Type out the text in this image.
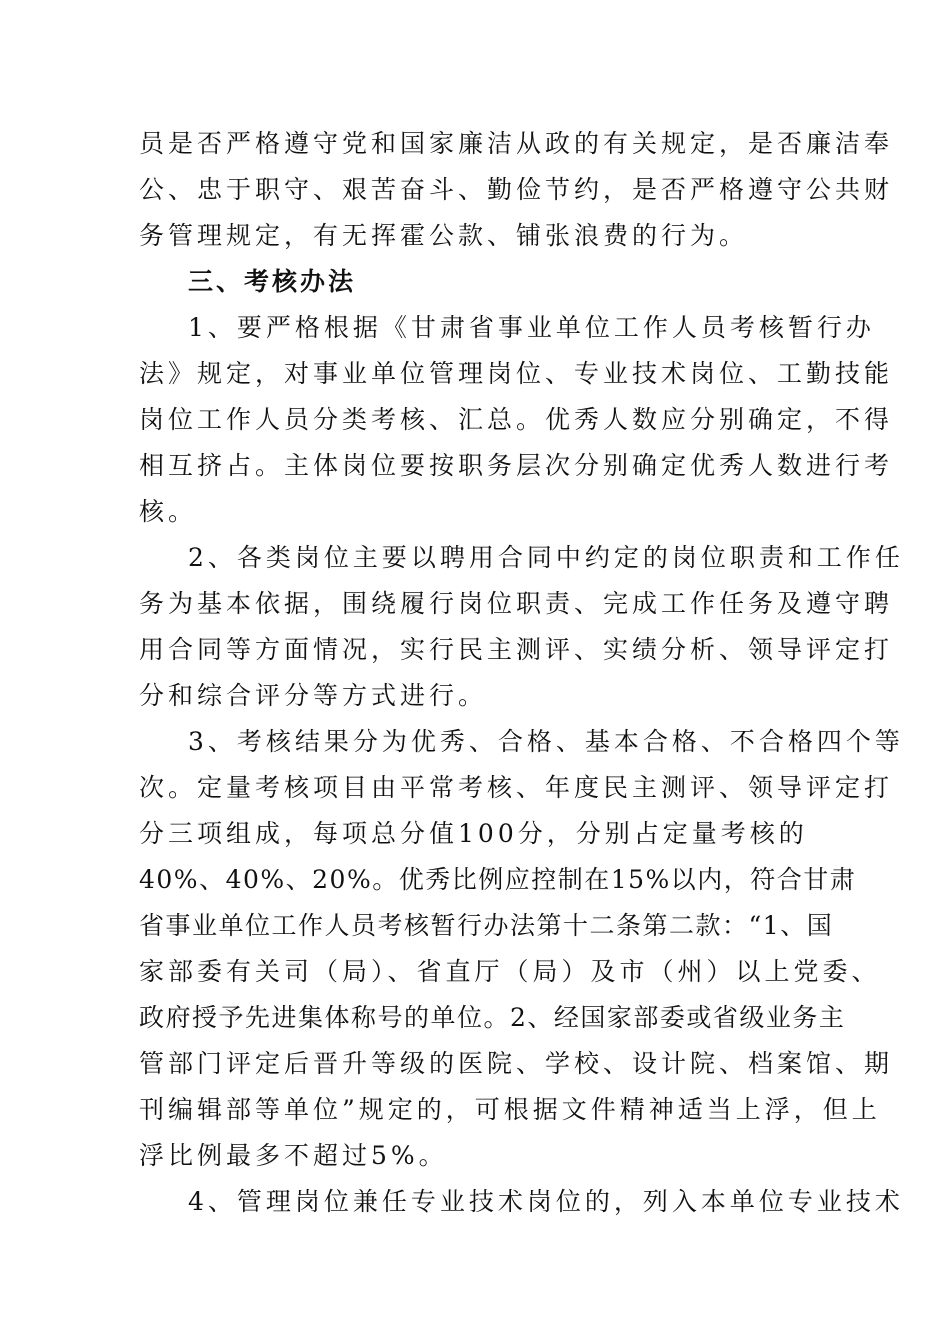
员是否严格遵守党和国家廉洁从政的有关规定，是否廉洁奉
公、忠于职守、艰苦奋斗、勤俭节约，是否严格遵守公共财
务管理规定，有无挥霍公款、铺张浪费的行为。
三、考核办法
1、要严格根据《甘肃省事业单位工作人员考核暂行办
法》规定，对事业单位管理岗位、专业技术岗位、工勤技能
岗位工作人员分类考核、汇总。优秀人数应分别确定，不得
相互挤占。主体岗位要按职务层次分别确定优秀人数进行考
核。
2、各类岗位主要以聘用合同中约定的岗位职责和工作任
务为基本依据，围绕履行岗位职责、完成工作任务及遵守聘
用合同等方面情况，实行民主测评、实绩分析、领导评定打
分和综合评分等方式进行。
3、考核结果分为优秀、合格、基本合格、不合格四个等
次。定量考核项目由平常考核、年度民主测评、领导评定打
分三项组成，每项总分值100分，分别占定量考核的
40%、40%、20%。优秀比例应控制在15%以内，符合甘肃
省事业单位工作人员考核暂行办法第十二条第二款：“1、国
家部委有关司（局）、省直厅（局）及市（州）以上党委、
政府授予先进集体称号的单位。2、经国家部委或省级业务主
管部门评定后晋升等级的医院、学校、设计院、档案馆、期
刊编辑部等单位”规定的，可根据文件精神适当上浮，但上
浮比例最多不超过5%。
4、管理岗位兼任专业技术岗位的，列入本单位专业技术
